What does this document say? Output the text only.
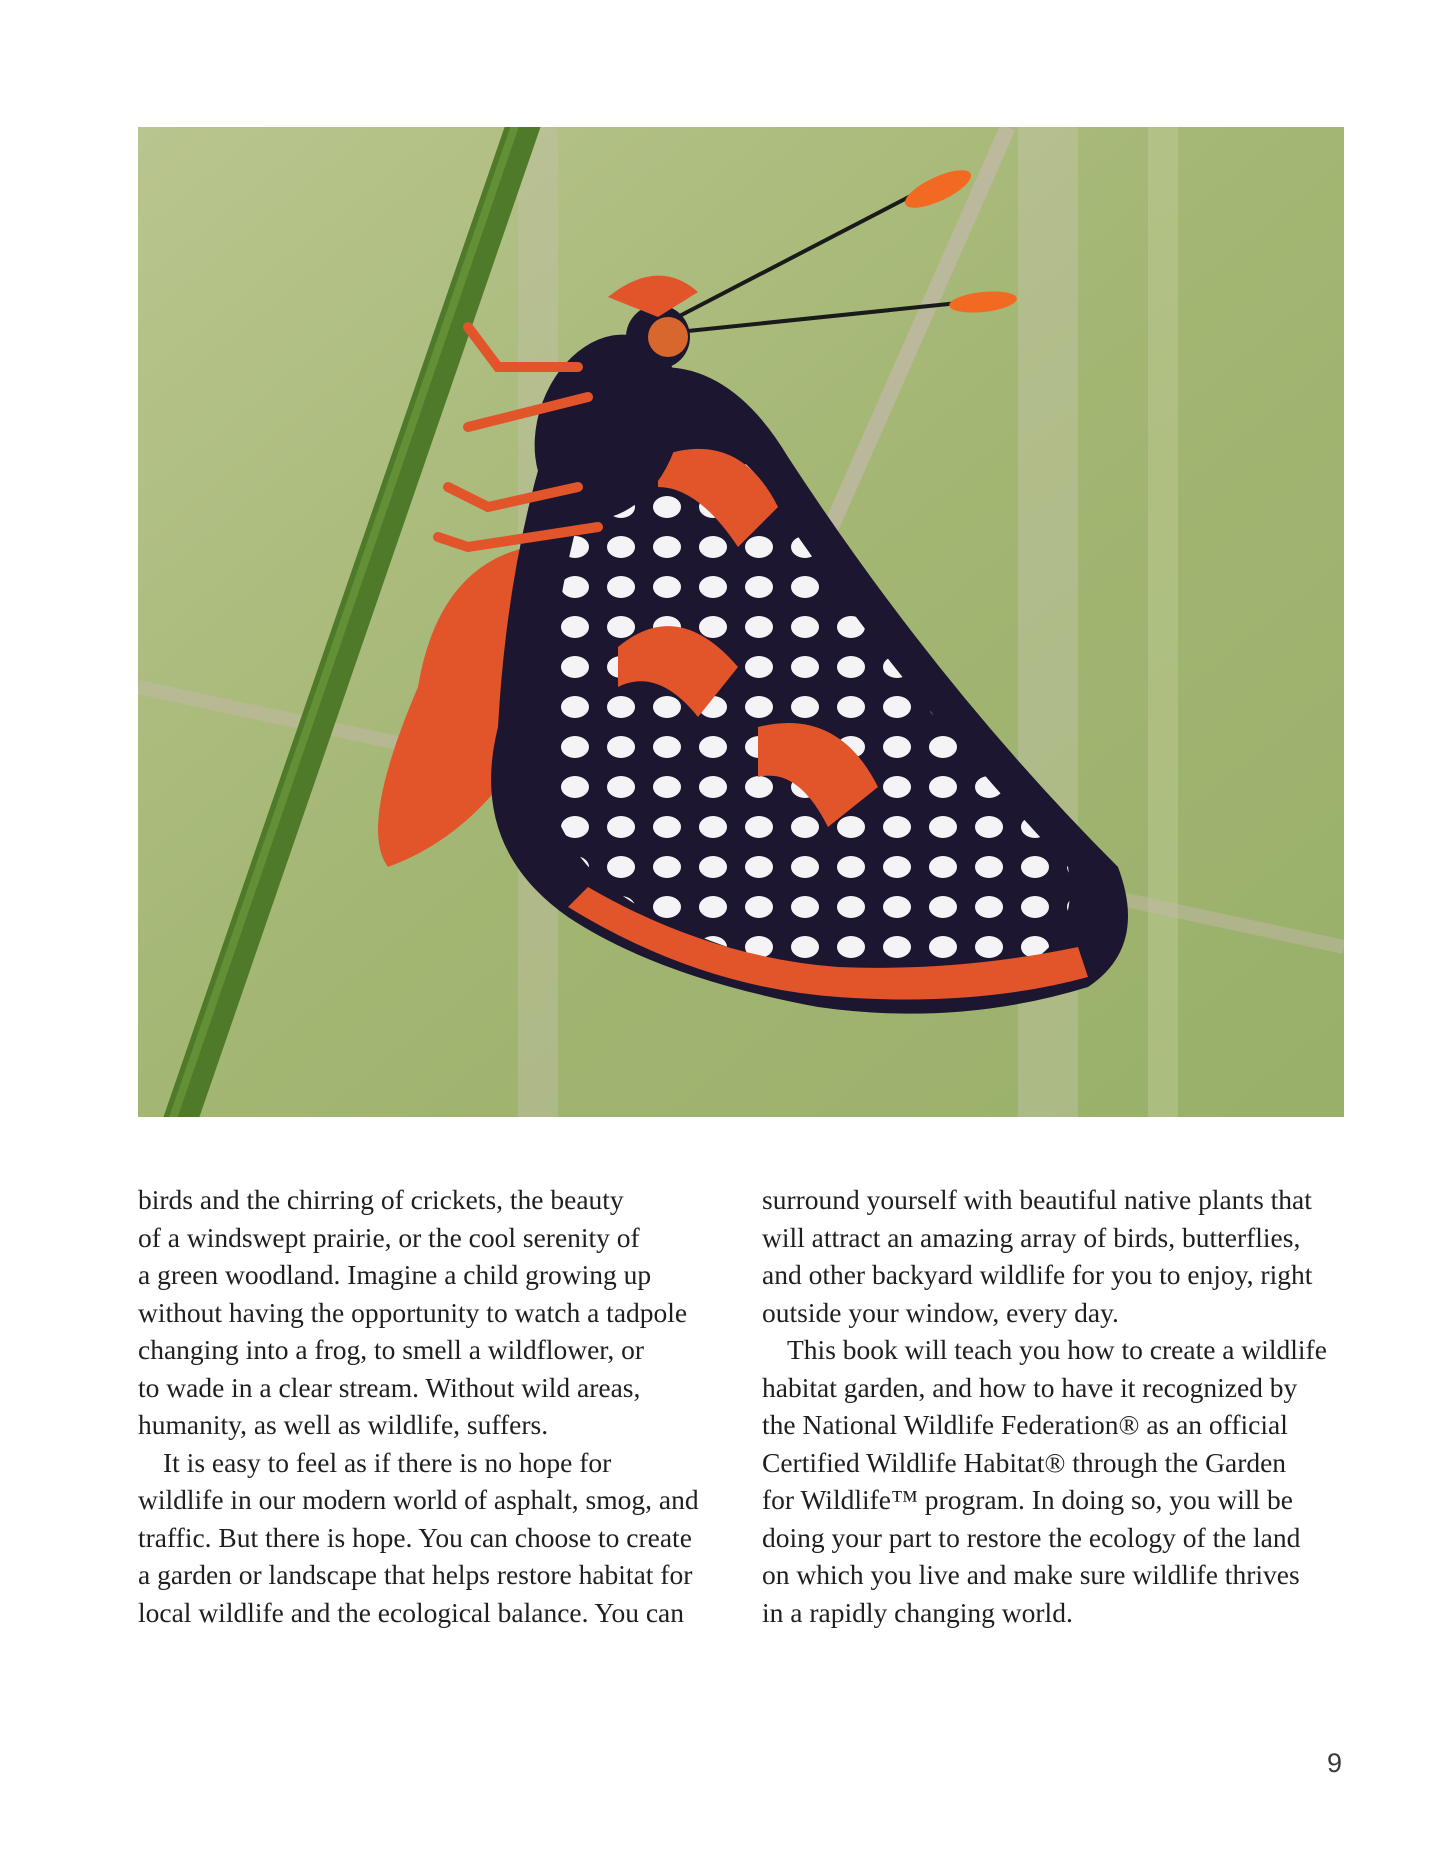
birds and the chirring of crickets, the beauty
of a windswept prairie, or the cool serenity of
a green woodland. Imagine a child growing up
without having the opportunity to watch a tadpole
changing into a frog, to smell a wildflower, or
to wade in a clear stream. Without wild areas,
humanity, as well as wildlife, suffers.

It is easy to feel as if there is no hope for
wildlife in our modern world of asphalt, smog, and
traffic. But there is hope. You can choose to create
a garden or landscape that helps restore habitat for
local wildlife and the ecological balance. You can

surround yourself with beautiful native plants that
will attract an amazing array of birds, butterflies,
and other backyard wildlife for you to enjoy, right
outside your window, every day.

This book will teach you how to create a wildlife
habitat garden, and how to have it recognized by
the National Wildlife Federation® as an official
Certified Wildlife Habitat® through the Garden
for Wildlife™ program. In doing so, you will be
doing your part to restore the ecology of the land
on which you live and make sure wildlife thrives
in a rapidly changing world.

9
